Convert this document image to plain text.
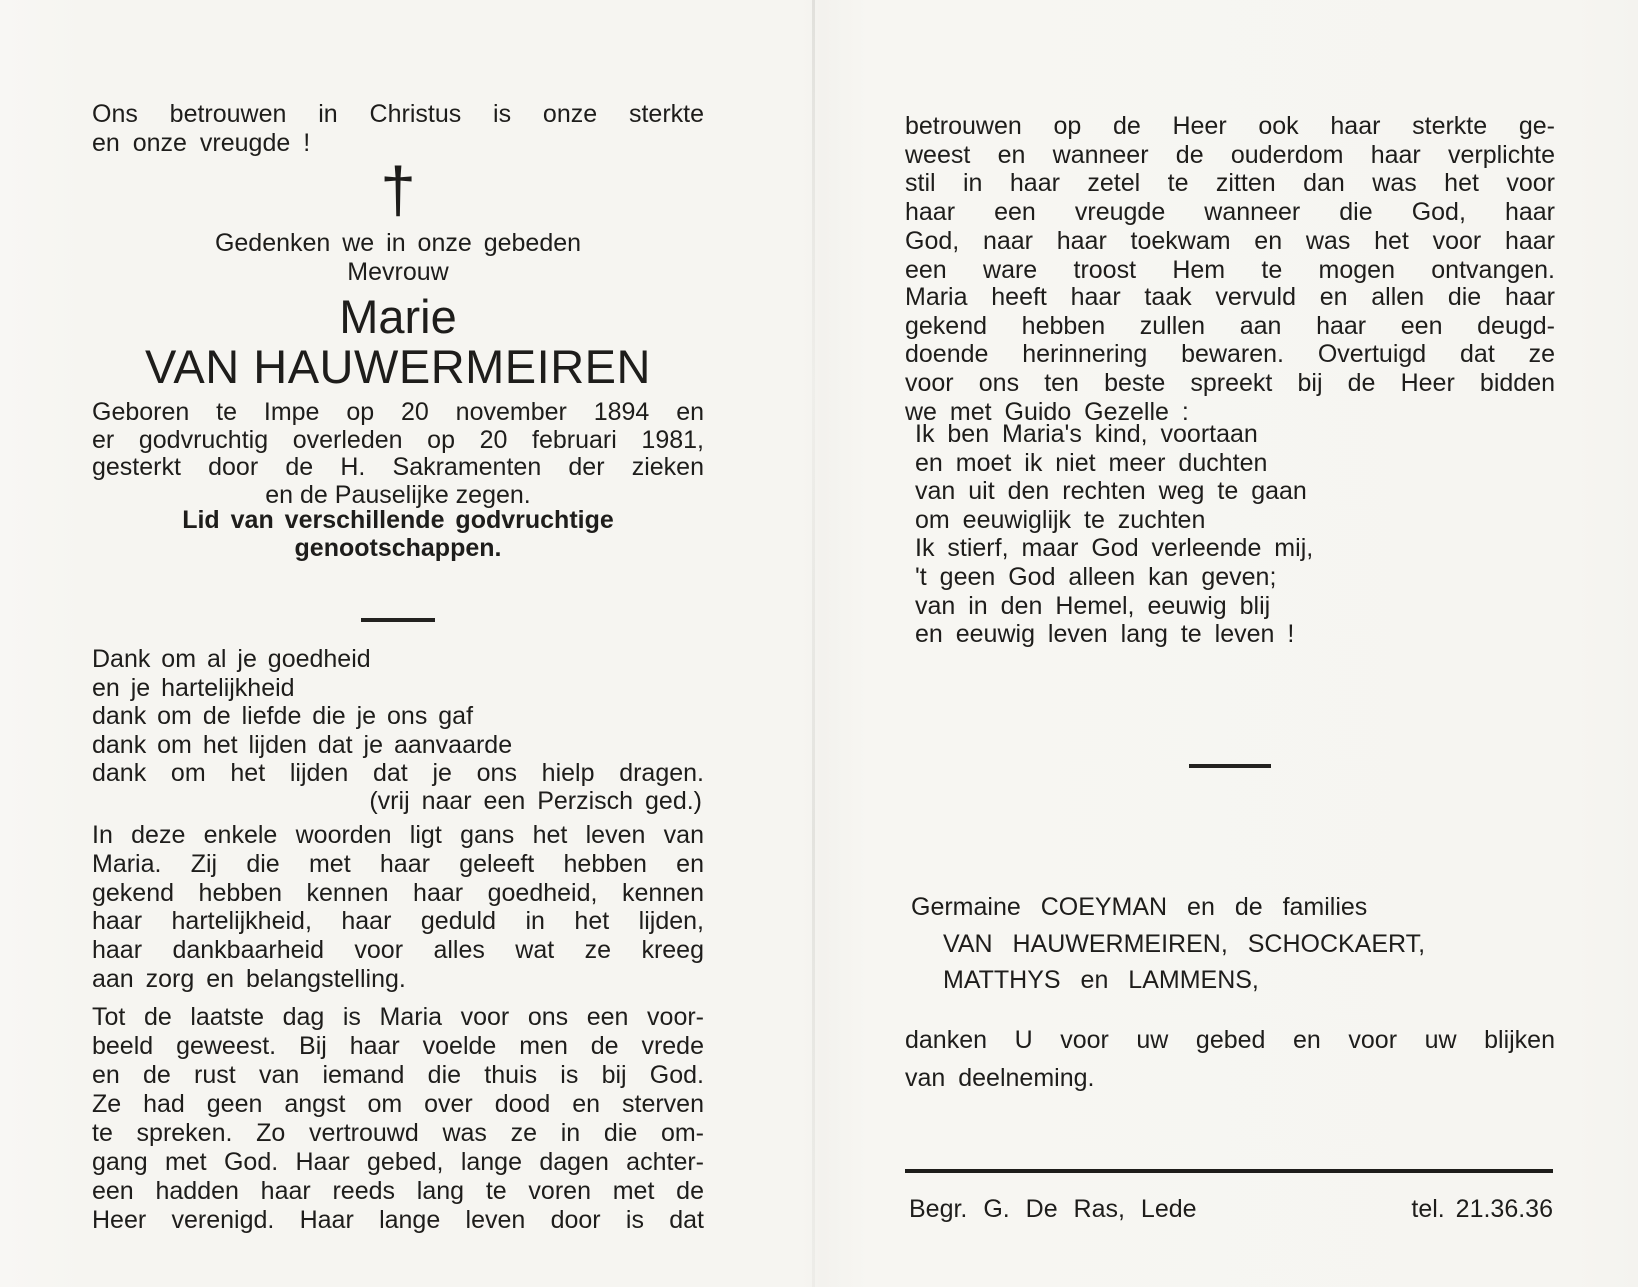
Ons betrouwen in Christus is onze sterkte
en onze vreugde !
†
Gedenken we in onze gebeden
Mevrouw
Marie
VAN HAUWERMEIREN
Geboren te Impe op 20 november 1894 en
er godvruchtig overleden op 20 februari 1981,
gesterkt door de H. Sakramenten der zieken
en de Pauselijke zegen.
Lid van verschillende godvruchtige
genootschappen.
Dank om al je goedheid
en je hartelijkheid
dank om de liefde die je ons gaf
dank om het lijden dat je aanvaarde
dank om het lijden dat je ons hielp dragen.
(vrij naar een Perzisch ged.)
In deze enkele woorden ligt gans het leven van
Maria. Zij die met haar geleeft hebben en
gekend hebben kennen haar goedheid, kennen
haar hartelijkheid, haar geduld in het lijden,
haar dankbaarheid voor alles wat ze kreeg
aan zorg en belangstelling.
Tot de laatste dag is Maria voor ons een voor-
beeld geweest. Bij haar voelde men de vrede
en de rust van iemand die thuis is bij God.
Ze had geen angst om over dood en sterven
te spreken. Zo vertrouwd was ze in die om-
gang met God. Haar gebed, lange dagen achter-
een hadden haar reeds lang te voren met de
Heer verenigd. Haar lange leven door is dat
betrouwen op de Heer ook haar sterkte ge-
weest en wanneer de ouderdom haar verplichte
stil in haar zetel te zitten dan was het voor
haar een vreugde wanneer die God, haar
God, naar haar toekwam en was het voor haar
een ware troost Hem te mogen ontvangen.
Maria heeft haar taak vervuld en allen die haar
gekend hebben zullen aan haar een deugd-
doende herinnering bewaren. Overtuigd dat ze
voor ons ten beste spreekt bij de Heer bidden
we met Guido Gezelle :
Ik ben Maria's kind, voortaan
en moet ik niet meer duchten
van uit den rechten weg te gaan
om eeuwiglijk te zuchten
Ik stierf, maar God verleende mij,
't geen God alleen kan geven;
van in den Hemel, eeuwig blij
en eeuwig leven lang te leven !
Germaine COEYMAN en de families
VAN HAUWERMEIREN, SCHOCKAERT,
MATTHYS en LAMMENS,
danken U voor uw gebed en voor uw blijken
van deelneming.
Begr. G. De Ras, Lede	tel. 21.36.36
